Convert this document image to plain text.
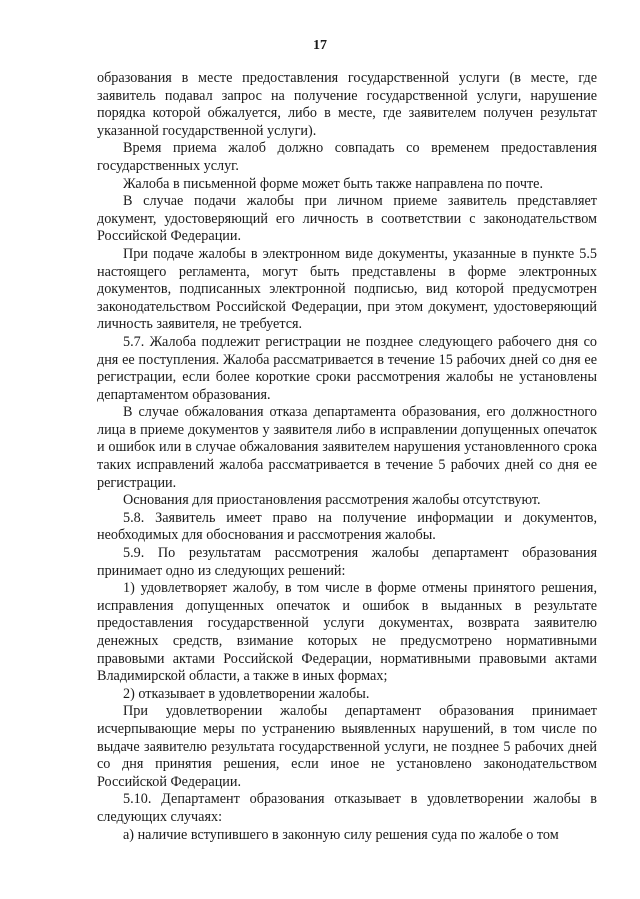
17

образования в месте предоставления государственной услуги (в месте, где заявитель подавал запрос на получение государственной услуги, нарушение порядка которой обжалуется, либо в месте, где заявителем получен результат указанной государственной услуги).

Время приема жалоб должно совпадать со временем предоставления государственных услуг.

Жалоба в письменной форме может быть также направлена по почте.

В случае подачи жалобы при личном приеме заявитель представляет документ, удостоверяющий его личность в соответствии с законодательством Российской Федерации.

При подаче жалобы в электронном виде документы, указанные в пункте 5.5 настоящего регламента, могут быть представлены в форме электронных документов, подписанных электронной подписью, вид которой предусмотрен законодательством Российской Федерации, при этом документ, удостоверяющий личность заявителя, не требуется.

5.7. Жалоба подлежит регистрации не позднее следующего рабочего дня со дня ее поступления. Жалоба рассматривается в течение 15 рабочих дней со дня ее регистрации, если более короткие сроки рассмотрения жалобы не установлены департаментом образования.

В случае обжалования отказа департамента образования, его должностного лица в приеме документов у заявителя либо в исправлении допущенных опечаток и ошибок или в случае обжалования заявителем нарушения установленного срока таких исправлений жалоба рассматривается в течение 5 рабочих дней со дня ее регистрации.

Основания для приостановления рассмотрения жалобы отсутствуют.

5.8. Заявитель имеет право на получение информации и документов, необходимых для обоснования и рассмотрения жалобы.

5.9. По результатам рассмотрения жалобы департамент образования принимает одно из следующих решений:

1) удовлетворяет жалобу, в том числе в форме отмены принятого решения, исправления допущенных опечаток и ошибок в выданных в результате предоставления государственной услуги документах, возврата заявителю денежных средств, взимание которых не предусмотрено нормативными правовыми актами Российской Федерации, нормативными правовыми актами Владимирской области, а также в иных формах;

2) отказывает в удовлетворении жалобы.

При удовлетворении жалобы департамент образования принимает исчерпывающие меры по устранению выявленных нарушений, в том числе по выдаче заявителю результата государственной услуги, не позднее 5 рабочих дней со дня принятия решения, если иное не установлено законодательством Российской Федерации.

5.10. Департамент образования отказывает в удовлетворении жалобы в следующих случаях:

а) наличие вступившего в законную силу решения суда по жалобе о том
